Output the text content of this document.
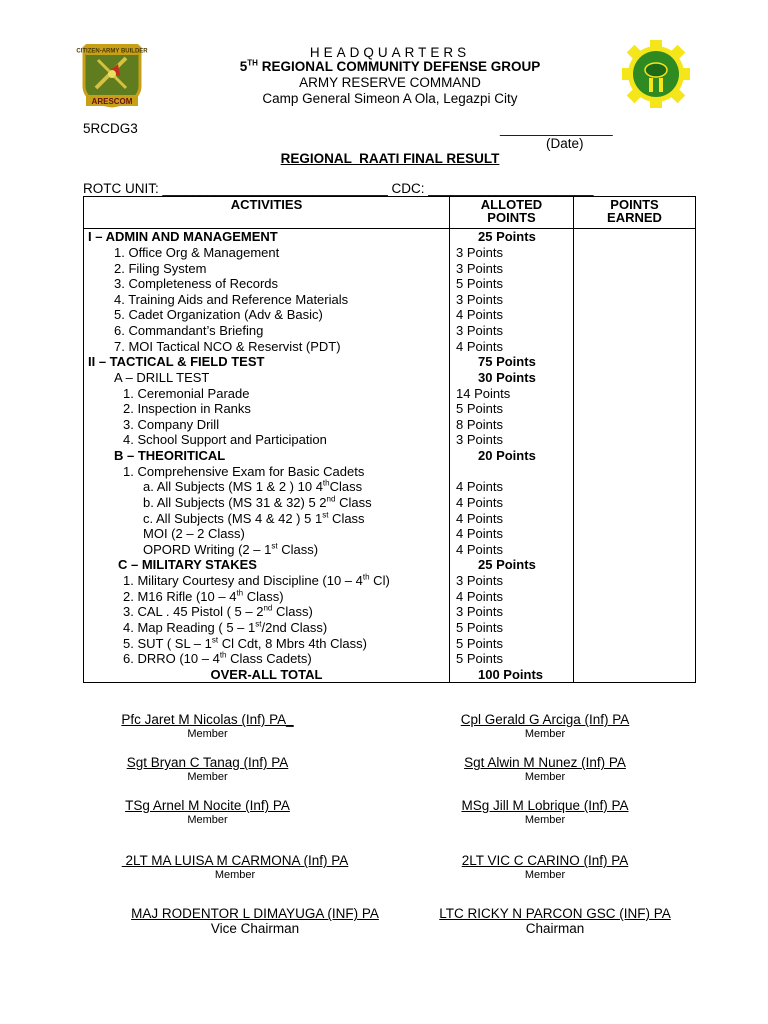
CITIZEN-ARMY BUILDER
ARESCOM
HEADQUARTERS
5TH REGIONAL COMMUNITY DEFENSE GROUP
ARMY RESERVE COMMAND
Camp General Simeon A Ola, Legazpi City
5RCDG3	_______________
(Date)
REGIONAL  RAATI FINAL RESULT
ROTC UNIT: ______________________________ CDC: ______________________
ACTIVITIES	ALLOTED POINTS	POINTS EARNED
I – ADMIN AND MANAGEMENT	25 Points	
1. Office Org & Management	3 Points	
2. Filing System	3 Points	
3. Completeness of Records	5 Points	
4. Training Aids and Reference Materials	3 Points	
5. Cadet Organization (Adv & Basic)	4 Points	
6. Commandant’s Briefing	3 Points	
7. MOI Tactical NCO & Reservist (PDT)	4 Points	
II – TACTICAL & FIELD TEST	75 Points	
A – DRILL TEST	30 Points	
1. Ceremonial Parade	14 Points	
2. Inspection in Ranks	5 Points	
3. Company Drill	8 Points	
4. School Support and Participation	3 Points	
B – THEORITICAL	20 Points	
1. Comprehensive Exam for Basic Cadets		
a. All Subjects (MS 1 & 2 ) 10 4thClass	4 Points	
b. All Subjects (MS 31 & 32) 5 2nd Class	4 Points	
c. All Subjects (MS 4 & 42 ) 5 1st Class	4 Points	
MOI (2 – 2 Class)	4 Points	
OPORD Writing (2 – 1st Class)	4 Points	
C – MILITARY STAKES	25 Points	
1. Military Courtesy and Discipline (10 – 4th Cl)	3 Points	
2. M16 Rifle (10 – 4th Class)	4 Points	
3. CAL . 45 Pistol ( 5 – 2nd Class)	3 Points	
4. Map Reading ( 5 – 1st/2nd Class)	5 Points	
5. SUT ( SL – 1st Cl Cdt, 8 Mbrs 4th Class)	5 Points	
6. DRRO (10 – 4th Class Cadets)	5 Points	
OVER-ALL TOTAL	100 Points	
Pfc Jaret M Nicolas (Inf) PA_
Member
Cpl Gerald G Arciga (Inf) PA
Member
Sgt Bryan C Tanag (Inf) PA
Member
Sgt Alwin M Nunez (Inf) PA
Member
TSg Arnel M Nocite (Inf) PA
Member
MSg Jill M Lobrique (Inf) PA
Member
2LT MA LUISA M CARMONA (Inf) PA
Member
2LT VIC C CARINO (Inf) PA
Member
MAJ RODENTOR L DIMAYUGA (INF) PA
Vice Chairman
LTC RICKY N PARCON GSC (INF) PA
Chairman
